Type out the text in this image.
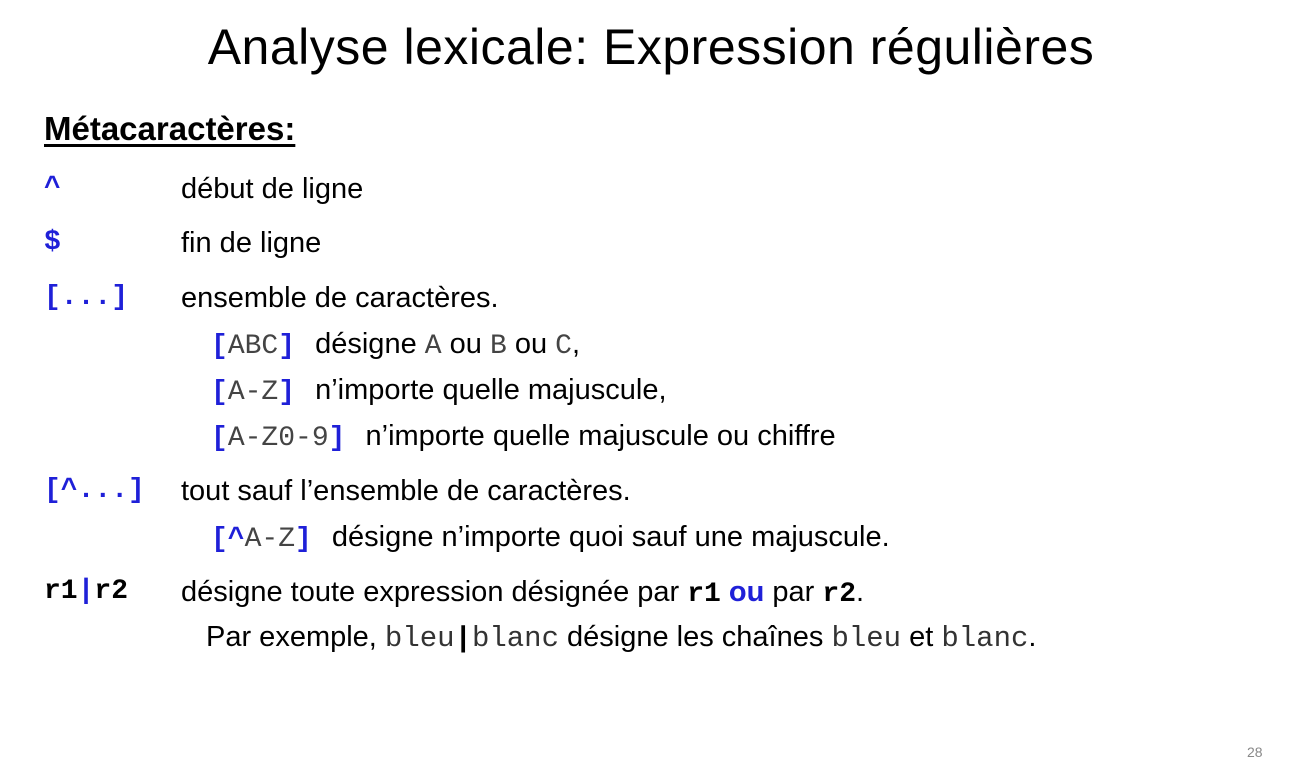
Analyse lexicale: Expression régulières
Métacaractères:
^	début de ligne
$	fin de ligne
[...] ensemble de caractères.
[ABC] désigne A ou B ou C,
[A-Z] n’importe quelle majuscule,
[A-Z0-9] n’importe quelle majuscule ou chiffre
[^...] tout sauf l’ensemble de caractères.
[^A-Z] désigne n’importe quoi sauf une majuscule.
r1|r2 désigne toute expression désignée par r1 ou par r2.
Par exemple, bleu|blanc désigne les chaînes bleu et blanc.
28
